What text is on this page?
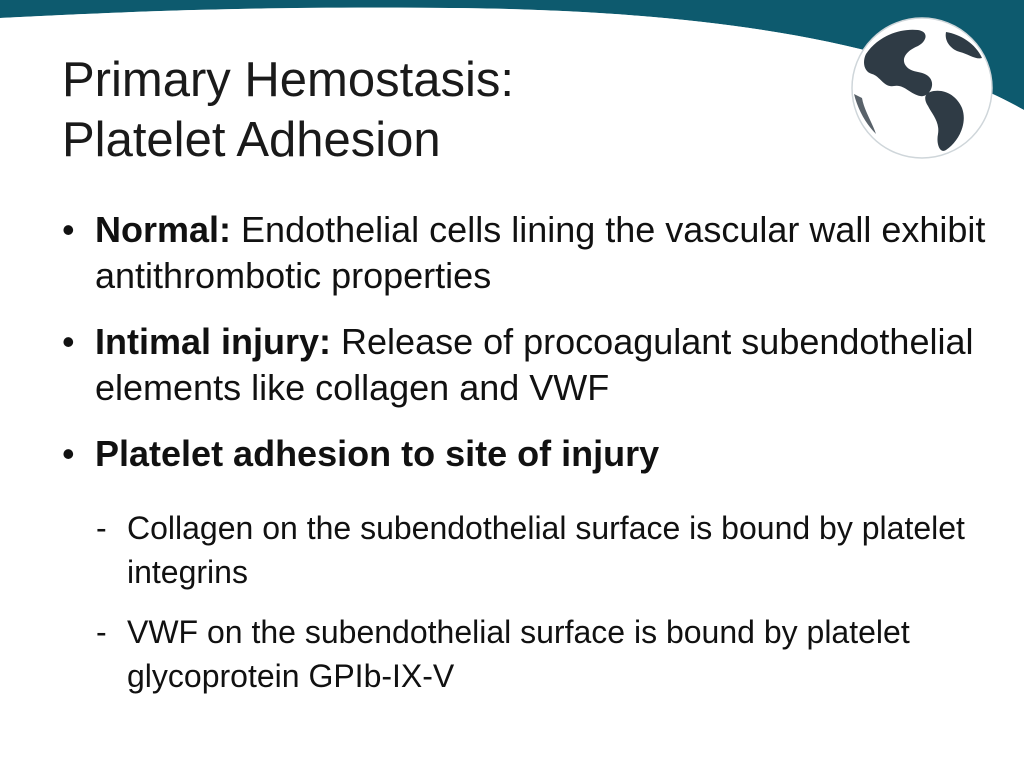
Primary Hemostasis:
Platelet Adhesion
• Normal: Endothelial cells lining the vascular wall exhibit antithrombotic properties
• Intimal injury: Release of procoagulant subendothelial elements like collagen and VWF
• Platelet adhesion to site of injury
- Collagen on the subendothelial surface is bound by platelet integrins
- VWF on the subendothelial surface is bound by platelet glycoprotein GPIb-IX-V
